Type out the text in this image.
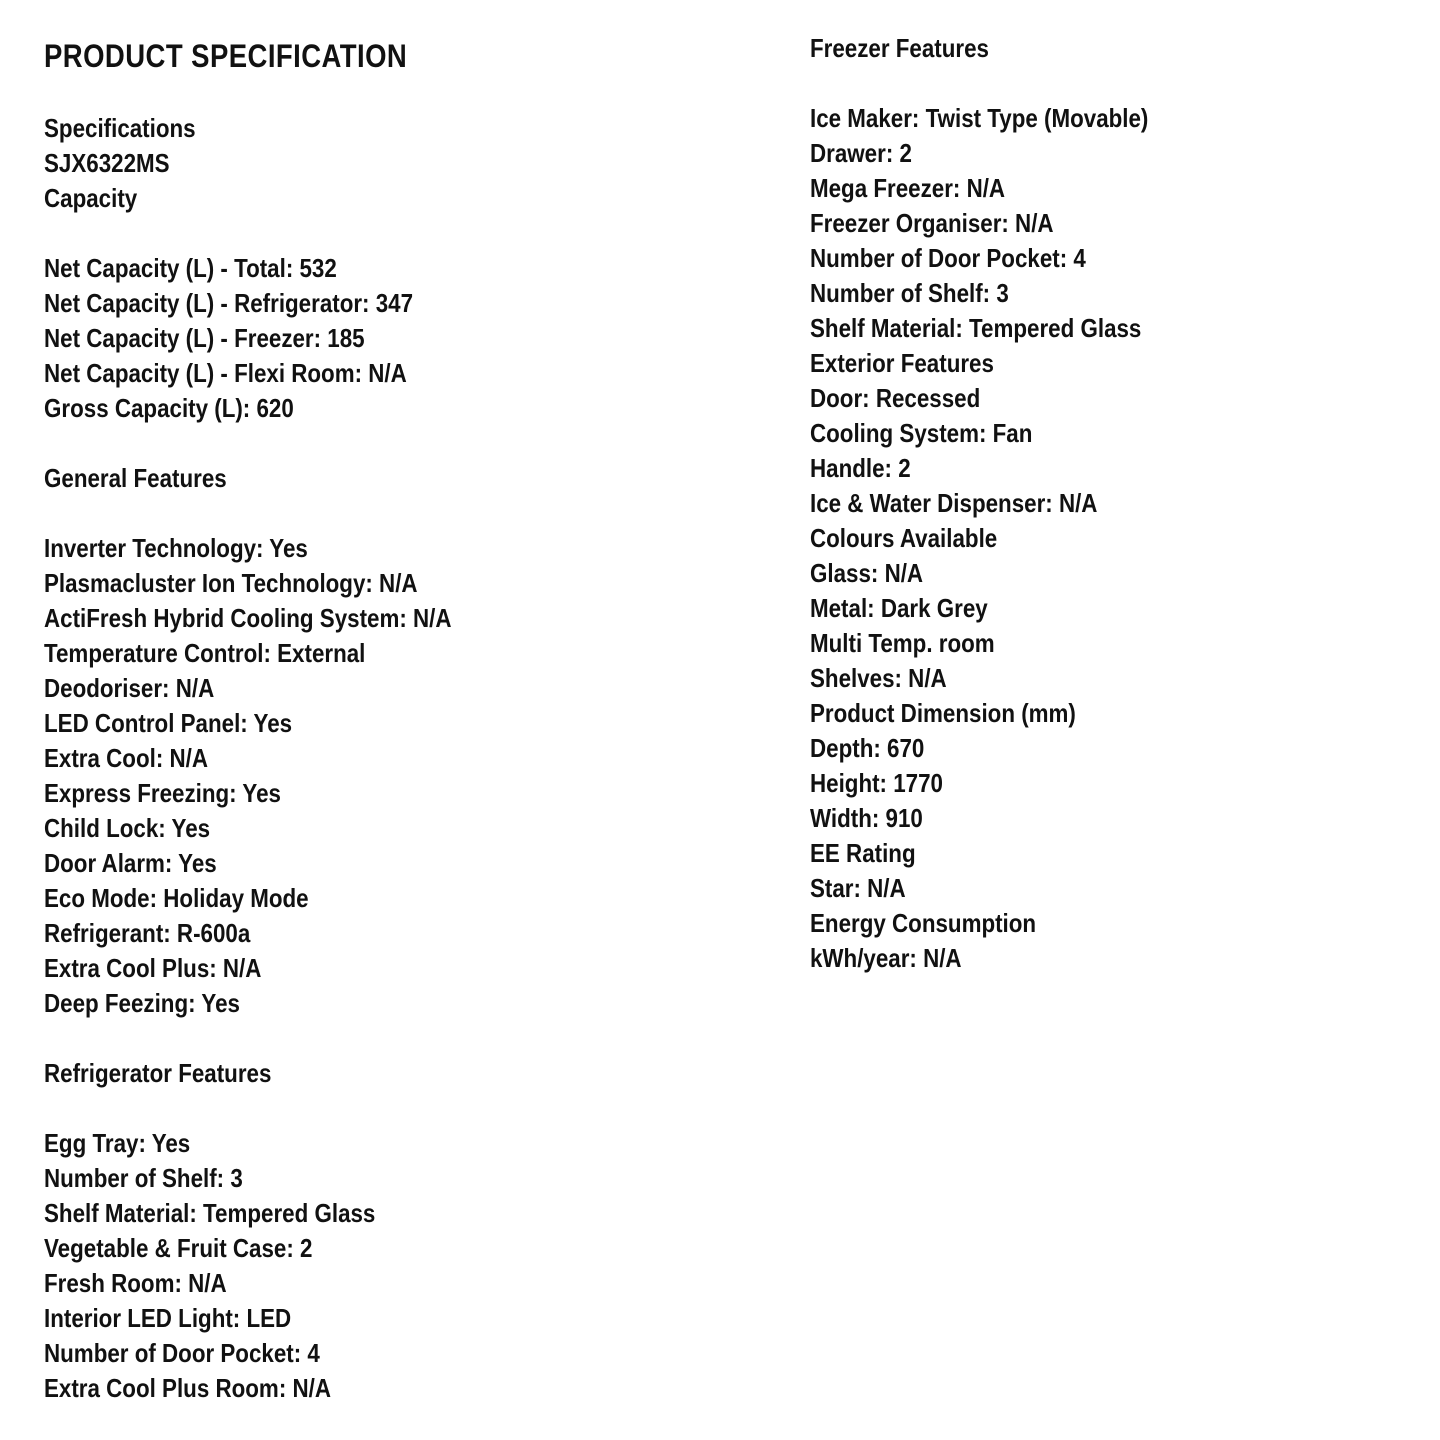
PRODUCT SPECIFICATION
Specifications
SJX6322MS
Capacity
Net Capacity (L) - Total: 532
Net Capacity (L) - Refrigerator: 347
Net Capacity (L) - Freezer: 185
Net Capacity (L) - Flexi Room: N/A
Gross Capacity (L): 620
General Features
Inverter Technology: Yes
Plasmacluster Ion Technology: N/A
ActiFresh Hybrid Cooling System: N/A
Temperature Control: External
Deodoriser: N/A
LED Control Panel: Yes
Extra Cool: N/A
Express Freezing: Yes
Child Lock: Yes
Door Alarm: Yes
Eco Mode: Holiday Mode
Refrigerant: R-600a
Extra Cool Plus: N/A
Deep Feezing: Yes
Refrigerator Features
Egg Tray: Yes
Number of Shelf: 3
Shelf Material: Tempered Glass
Vegetable & Fruit Case: 2
Fresh Room: N/A
Interior LED Light: LED
Number of Door Pocket: 4
Extra Cool Plus Room: N/A
Freezer Features
Ice Maker: Twist Type (Movable)
Drawer: 2
Mega Freezer: N/A
Freezer Organiser: N/A
Number of Door Pocket: 4
Number of Shelf: 3
Shelf Material: Tempered Glass
Exterior Features
Door: Recessed
Cooling System: Fan
Handle: 2
Ice & Water Dispenser: N/A
Colours Available
Glass: N/A
Metal: Dark Grey
Multi Temp. room
Shelves: N/A
Product Dimension (mm)
Depth: 670
Height: 1770
Width: 910
EE Rating
Star: N/A
Energy Consumption
kWh/year: N/A
